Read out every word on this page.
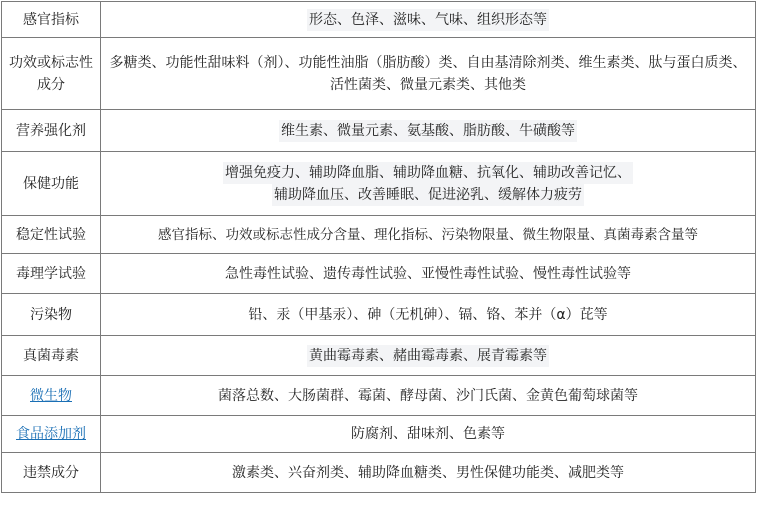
感官指标	形态、色泽、滋味、气味、组织形态等
功效或标志性成分	多糖类、功能性甜味料（剂）、功能性油脂（脂肪酸）类、自由基清除剂类、维生素类、肽与蛋白质类、活性菌类、微量元素类、其他类
营养强化剂	维生素、微量元素、氨基酸、脂肪酸、牛磺酸等
保健功能	增强免疫力、辅助降血脂、辅助降血糖、抗氧化、辅助改善记忆、
辅助降血压、改善睡眠、促进泌乳、缓解体力疲劳
稳定性试验	感官指标、功效或标志性成分含量、理化指标、污染物限量、微生物限量、真菌毒素含量等
毒理学试验	急性毒性试验、遗传毒性试验、亚慢性毒性试验、慢性毒性试验等
污染物	铅、汞（甲基汞）、砷（无机砷）、镉、铬、苯并（α）芘等
真菌毒素	黄曲霉毒素、赭曲霉毒素、展青霉素等
微生物	菌落总数、大肠菌群、霉菌、酵母菌、沙门氏菌、金黄色葡萄球菌等
食品添加剂	防腐剂、甜味剂、色素等
违禁成分	激素类、兴奋剂类、辅助降血糖类、男性保健功能类、减肥类等
